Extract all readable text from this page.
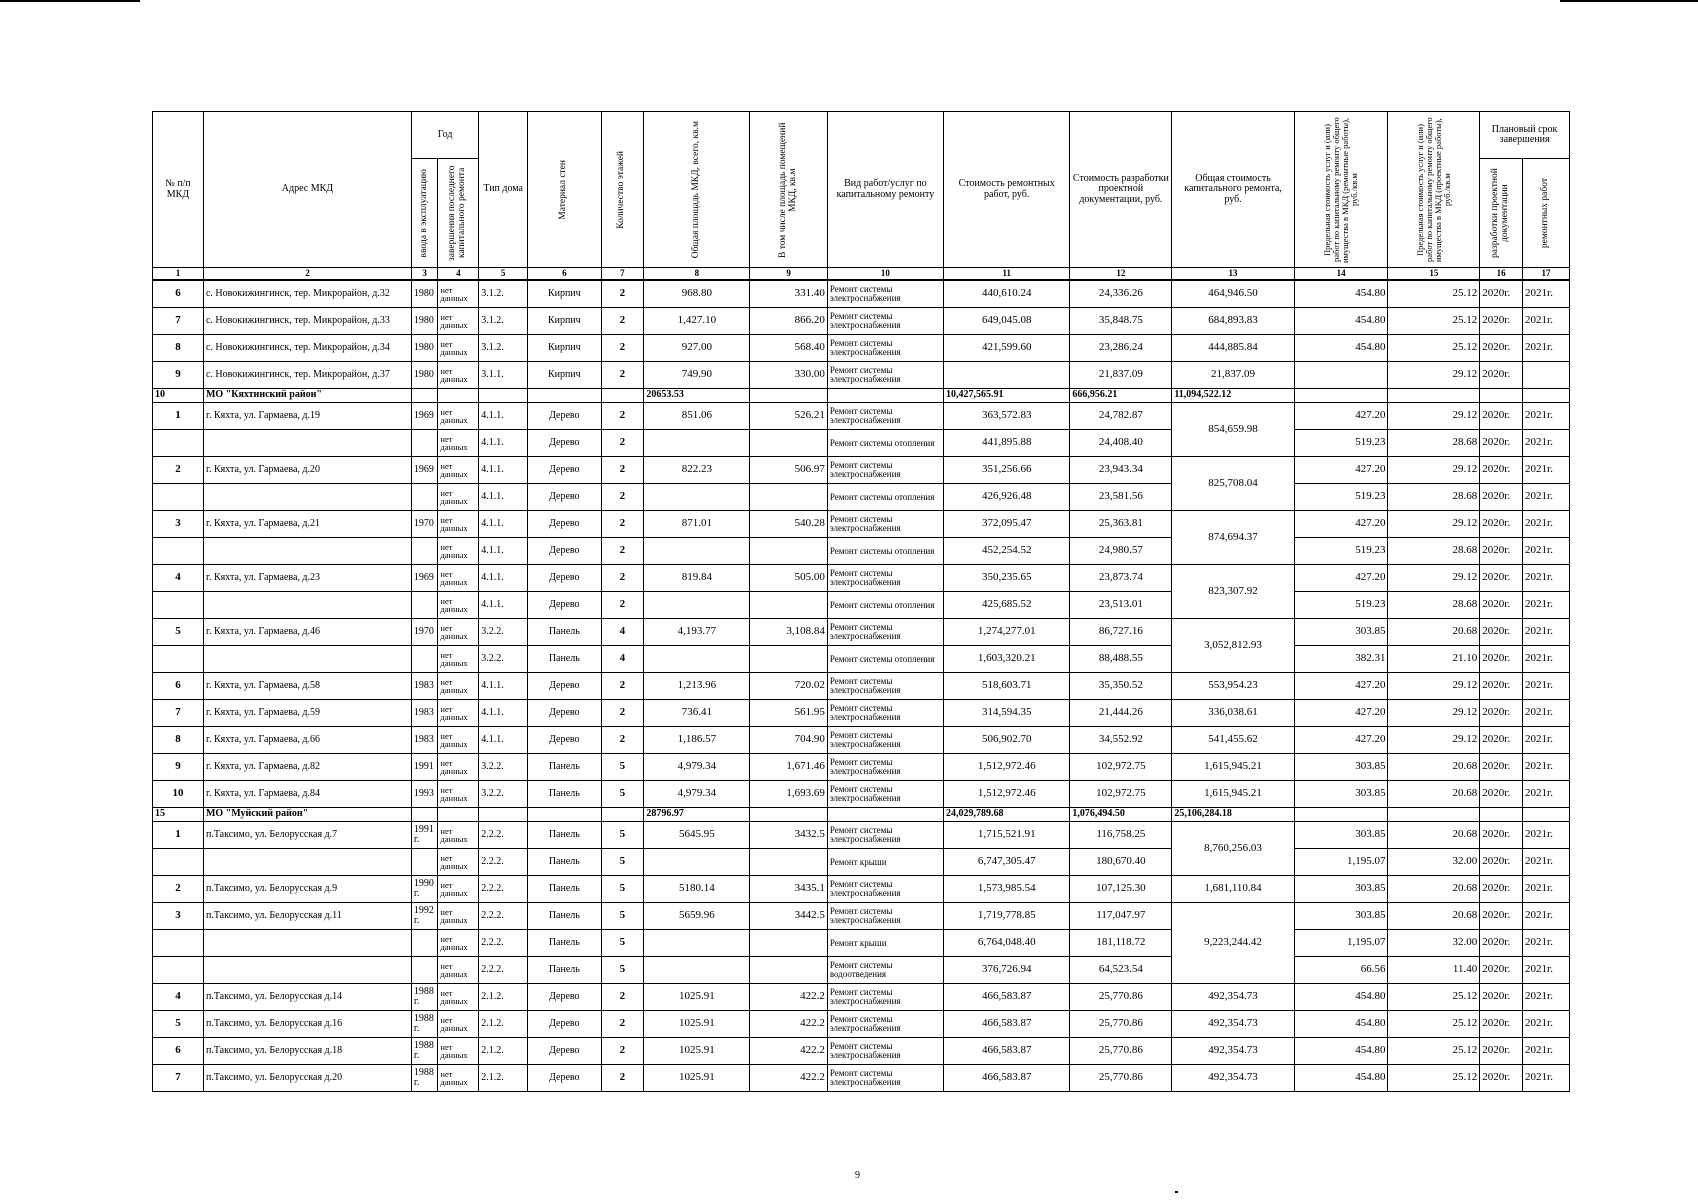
№ п/п МКД	Адрес МКД	Год		Тип дома	Материал стен	Количество этажей	Общая площадь МКД, всего, кв.м	В том числе площадь помещений МКД, кв.м	Вид работ/услуг по капитальному ремонту	Стоимость ремонтных работ, руб.	Стоимость разработки проектной документации, руб.	Общая стоимость капитального ремонта, руб.	Предельная стоимость услуг и (или) работ по капитальному ремонту общего имущества в МКД (ремонтные работы), руб./кв.м	Предельная стоимость услуг и (или) работ по капитальному ремонту общего имущества в МКД (проектные работы), руб./кв.м	Плановый срок завершения	

		ввода в эксплуатацию	завершения последнего капитального ремонта												разработки проектной документации	ремонтных работ

1	2	3	4	5	6	7	8	9	10	11	12	13	14	15	16	17
6	с. Новокижингинск, тер. Микрорайон, д.32	1980	нет данных	3.1.2.	Кирпич	2	968.80	331.40	Ремонт системы электроснабжения	440,610.24	24,336.26	464,946.50	454.80	25.12	2020г.	2021г.
7	с. Новокижингинск, тер. Микрорайон, д.33	1980	нет данных	3.1.2.	Кирпич	2	1,427.10	866.20	Ремонт системы электроснабжения	649,045.08	35,848.75	684,893.83	454.80	25.12	2020г.	2021г.
8	с. Новокижингинск, тер. Микрорайон, д.34	1980	нет данных	3.1.2.	Кирпич	2	927.00	568.40	Ремонт системы электроснабжения	421,599.60	23,286.24	444,885.84	454.80	25.12	2020г.	2021г.
9	с. Новокижингинск, тер. Микрорайон, д.37	1980	нет данных	3.1.1.	Кирпич	2	749.90	330.00	Ремонт системы электроснабжения		21,837.09	21,837.09		29.12	2020г.	
10	МО "Кяхтинский район"						20653.53			10,427,565.91	666,956.21	11,094,522.12				
1	г. Кяхта, ул. Гармаева, д.19	1969	нет данных	4.1.1.	Дерево	2	851.06	526.21	Ремонт системы электроснабжения	363,572.83	24,782.87	854,659.98	427.20	29.12	2020г.	2021г.
			нет данных	4.1.1.	Дерево	2			Ремонт системы отопления	441,895.88	24,408.40		519.23	28.68	2020г.	2021г.
2	г. Кяхта, ул. Гармаева, д.20	1969	нет данных	4.1.1.	Дерево	2	822.23	506.97	Ремонт системы электроснабжения	351,256.66	23,943.34	825,708.04	427.20	29.12	2020г.	2021г.
			нет данных	4.1.1.	Дерево	2			Ремонт системы отопления	426,926.48	23,581.56		519.23	28.68	2020г.	2021г.
3	г. Кяхта, ул. Гармаева, д.21	1970	нет данных	4.1.1.	Дерево	2	871.01	540.28	Ремонт системы электроснабжения	372,095.47	25,363.81	874,694.37	427.20	29.12	2020г.	2021г.
			нет данных	4.1.1.	Дерево	2			Ремонт системы отопления	452,254.52	24,980.57		519.23	28.68	2020г.	2021г.
4	г. Кяхта, ул. Гармаева, д.23	1969	нет данных	4.1.1.	Дерево	2	819.84	505.00	Ремонт системы электроснабжения	350,235.65	23,873.74	823,307.92	427.20	29.12	2020г.	2021г.
			нет данных	4.1.1.	Дерево	2			Ремонт системы отопления	425,685.52	23,513.01		519.23	28.68	2020г.	2021г.
5	г. Кяхта, ул. Гармаева, д.46	1970	нет данных	3.2.2.	Панель	4	4,193.77	3,108.84	Ремонт системы электроснабжения	1,274,277.01	86,727.16	3,052,812.93	303.85	20.68	2020г.	2021г.
			нет данных	3.2.2.	Панель	4			Ремонт системы отопления	1,603,320.21	88,488.55		382.31	21.10	2020г.	2021г.
6	г. Кяхта, ул. Гармаева, д.58	1983	нет данных	4.1.1.	Дерево	2	1,213.96	720.02	Ремонт системы электроснабжения	518,603.71	35,350.52	553,954.23	427.20	29.12	2020г.	2021г.
7	г. Кяхта, ул. Гармаева, д.59	1983	нет данных	4.1.1.	Дерево	2	736.41	561.95	Ремонт системы электроснабжения	314,594.35	21,444.26	336,038.61	427.20	29.12	2020г.	2021г.
8	г. Кяхта, ул. Гармаева, д.66	1983	нет данных	4.1.1.	Дерево	2	1,186.57	704.90	Ремонт системы электроснабжения	506,902.70	34,552.92	541,455.62	427.20	29.12	2020г.	2021г.
9	г. Кяхта, ул. Гармаева, д.82	1991	нет данных	3.2.2.	Панель	5	4,979.34	1,671.46	Ремонт системы электроснабжения	1,512,972.46	102,972.75	1,615,945.21	303.85	20.68	2020г.	2021г.
10	г. Кяхта, ул. Гармаева, д.84	1993	нет данных	3.2.2.	Панель	5	4,979.34	1,693.69	Ремонт системы электроснабжения	1,512,972.46	102,972.75	1,615,945.21	303.85	20.68	2020г.	2021г.
15	МО "Муйский район"						28796.97			24,029,789.68	1,076,494.50	25,106,284.18				
1	п.Таксимо, ул. Белорусская д.7	1991 г.	нет данных	2.2.2.	Панель	5	5645.95	3432.5	Ремонт системы электроснабжения	1,715,521.91	116,758.25	8,760,256.03	303.85	20.68	2020г.	2021г.
			нет данных	2.2.2.	Панель	5			Ремонт крыши	6,747,305.47	180,670.40		1,195.07	32.00	2020г.	2021г.
2	п.Таксимо, ул. Белорусская д.9	1990 г.	нет данных	2.2.2.	Панель	5	5180.14	3435.1	Ремонт системы электроснабжения	1,573,985.54	107,125.30	1,681,110.84	303.85	20.68	2020г.	2021г.
3	п.Таксимо, ул. Белорусская д.11	1992 г.	нет данных	2.2.2.	Панель	5	5659.96	3442.5	Ремонт системы электроснабжения	1,719,778.85	117,047.97	9,223,244.42	303.85	20.68	2020г.	2021г.
			нет данных	2.2.2.	Панель	5			Ремонт крыши	6,764,048.40	181,118.72		1,195.07	32.00	2020г.	2021г.
			нет данных	2.2.2.	Панель	5			Ремонт системы водоотведения	376,726.94	64,523.54		66.56	11.40	2020г.	2021г.
4	п.Таксимо, ул. Белорусская д.14	1988 г.	нет данных	2.1.2.	Дерево	2	1025.91	422.2	Ремонт системы электроснабжения	466,583.87	25,770.86	492,354.73	454.80	25.12	2020г.	2021г.
5	п.Таксимо, ул. Белорусская д.16	1988 г.	нет данных	2.1.2.	Дерево	2	1025.91	422.2	Ремонт системы электроснабжения	466,583.87	25,770.86	492,354.73	454.80	25.12	2020г.	2021г.
6	п.Таксимо, ул. Белорусская д.18	1988 г.	нет данных	2.1.2.	Дерево	2	1025.91	422.2	Ремонт системы электроснабжения	466,583.87	25,770.86	492,354.73	454.80	25.12	2020г.	2021г.
7	п.Таксимо, ул. Белорусская д.20	1988 г.	нет данных	2.1.2.	Дерево	2	1025.91	422.2	Ремонт системы электроснабжения	466,583.87	25,770.86	492,354.73	454.80	25.12	2020г.	2021г.
9
